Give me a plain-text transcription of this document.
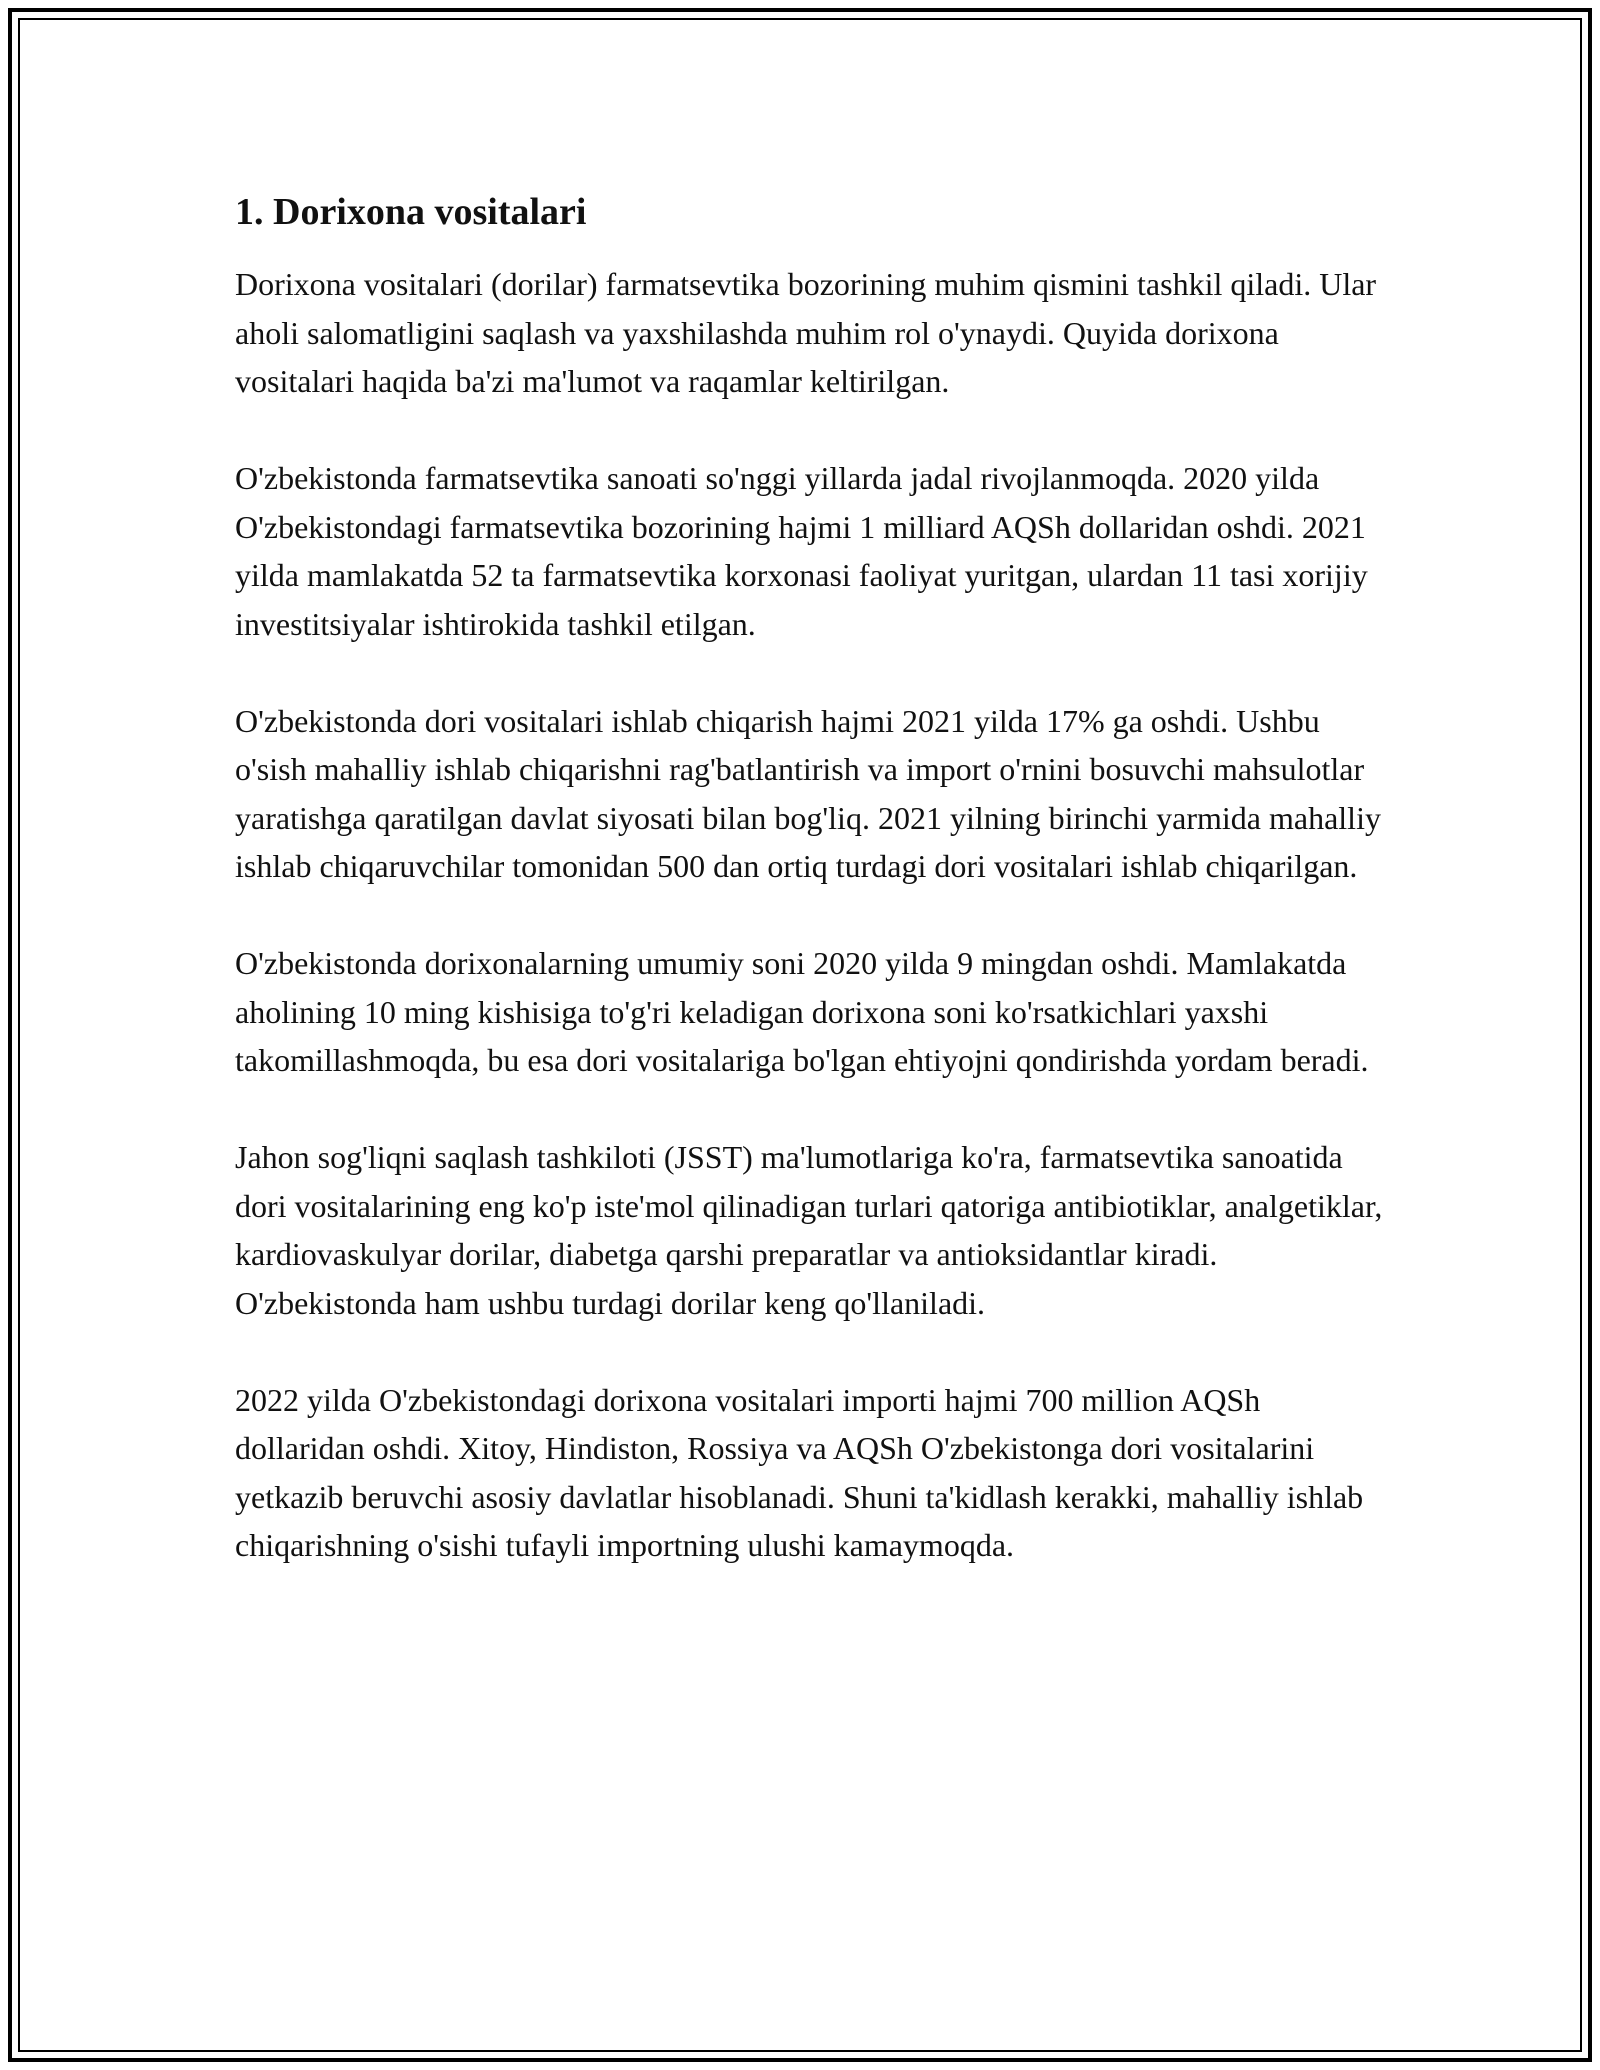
1. Dorixona vositalari

Dorixona vositalari (dorilar) farmatsevtika bozorining muhim qismini tashkil qiladi. Ular aholi salomatligini saqlash va yaxshilashda muhim rol o'ynaydi. Quyida dorixona vositalari haqida ba'zi ma'lumot va raqamlar keltirilgan.

O'zbekistonda farmatsevtika sanoati so'nggi yillarda jadal rivojlanmoqda. 2020 yilda O'zbekistondagi farmatsevtika bozorining hajmi 1 milliard AQSh dollaridan oshdi. 2021 yilda mamlakatda 52 ta farmatsevtika korxonasi faoliyat yuritgan, ulardan 11 tasi xorijiy investitsiyalar ishtirokida tashkil etilgan.

O'zbekistonda dori vositalari ishlab chiqarish hajmi 2021 yilda 17% ga oshdi. Ushbu o'sish mahalliy ishlab chiqarishni rag'batlantirish va import o'rnini bosuvchi mahsulotlar yaratishga qaratilgan davlat siyosati bilan bog'liq. 2021 yilning birinchi yarmida mahalliy ishlab chiqaruvchilar tomonidan 500 dan ortiq turdagi dori vositalari ishlab chiqarilgan.

O'zbekistonda dorixonalarning umumiy soni 2020 yilda 9 mingdan oshdi. Mamlakatda aholining 10 ming kishisiga to'g'ri keladigan dorixona soni ko'rsatkichlari yaxshi takomillashmoqda, bu esa dori vositalariga bo'lgan ehtiyojni qondirishda yordam beradi.

Jahon sog'liqni saqlash tashkiloti (JSST) ma'lumotlariga ko'ra, farmatsevtika sanoatida dori vositalarining eng ko'p iste'mol qilinadigan turlari qatoriga antibiotiklar, analgetiklar, kardiovaskulyar dorilar, diabetga qarshi preparatlar va antioksidantlar kiradi. O'zbekistonda ham ushbu turdagi dorilar keng qo'llaniladi.

2022 yilda O'zbekistondagi dorixona vositalari importi hajmi 700 million AQSh dollaridan oshdi. Xitoy, Hindiston, Rossiya va AQSh O'zbekistonga dori vositalarini yetkazib beruvchi asosiy davlatlar hisoblanadi. Shuni ta'kidlash kerakki, mahalliy ishlab chiqarishning o'sishi tufayli importning ulushi kamaymoqda.
